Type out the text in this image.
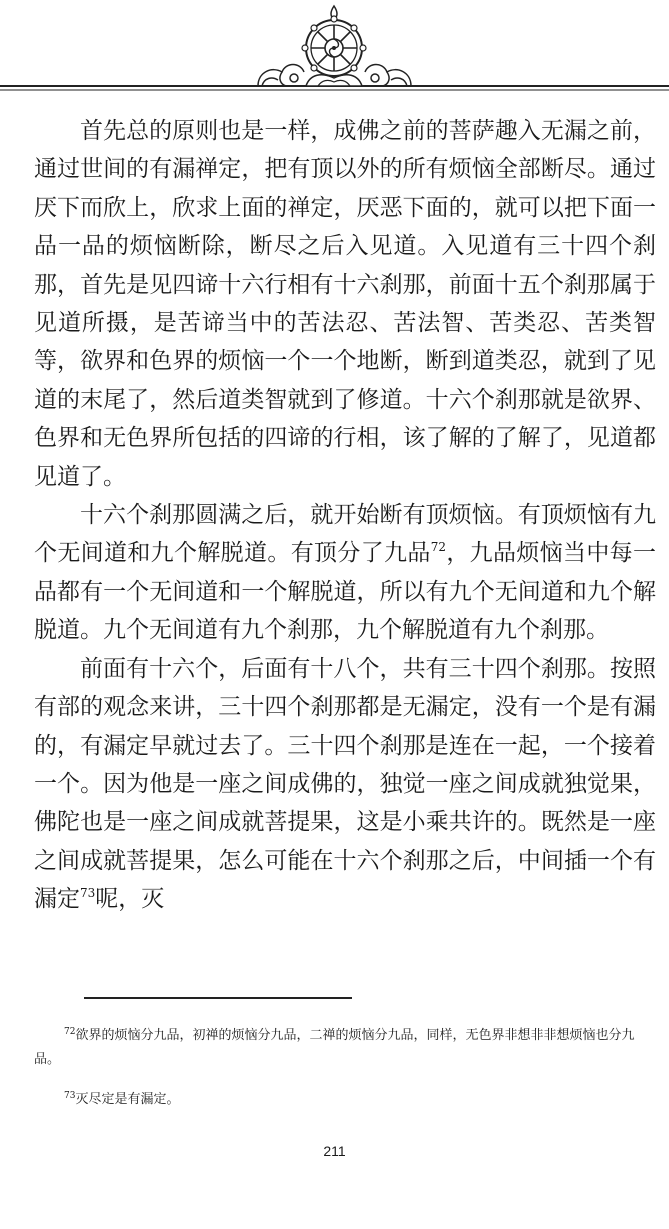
首先总的原则也是一样，成佛之前的菩萨趣入无漏之前，通过世间的有漏禅定，把有顶以外的所有烦恼全部断尽。通过厌下而欣上，欣求上面的禅定，厌恶下面的，就可以把下面一品一品的烦恼断除，断尽之后入见道。入见道有三十四个刹那，首先是见四谛十六行相有十六刹那，前面十五个刹那属于见道所摄，是苦谛当中的苦法忍、苦法智、苦类忍、苦类智等，欲界和色界的烦恼一个一个地断，断到道类忍，就到了见道的末尾了，然后道类智就到了修道。十六个刹那就是欲界、色界和无色界所包括的四谛的行相，该了解的了解了，见道都见道了。

十六个刹那圆满之后，就开始断有顶烦恼。有顶烦恼有九个无间道和九个解脱道。有顶分了九品$^{72}$，九品烦恼当中每一品都有一个无间道和一个解脱道，所以有九个无间道和九个解脱道。九个无间道有九个刹那，九个解脱道有九个刹那。

前面有十六个，后面有十八个，共有三十四个刹那。按照有部的观念来讲，三十四个刹那都是无漏定，没有一个是有漏的，有漏定早就过去了。三十四个刹那是连在一起，一个接着一个。因为他是一座之间成佛的，独觉一座之间成就独觉果，佛陀也是一座之间成就菩提果，这是小乘共许的。既然是一座之间成就菩提果，怎么可能在十六个刹那之后，中间插一个有漏定$^{73}$呢，灭

$^{72}$欲界的烦恼分九品，初禅的烦恼分九品，二禅的烦恼分九品，同样，无色界非想非非想烦恼也分九品。

$^{73}$灭尽定是有漏定。

211
